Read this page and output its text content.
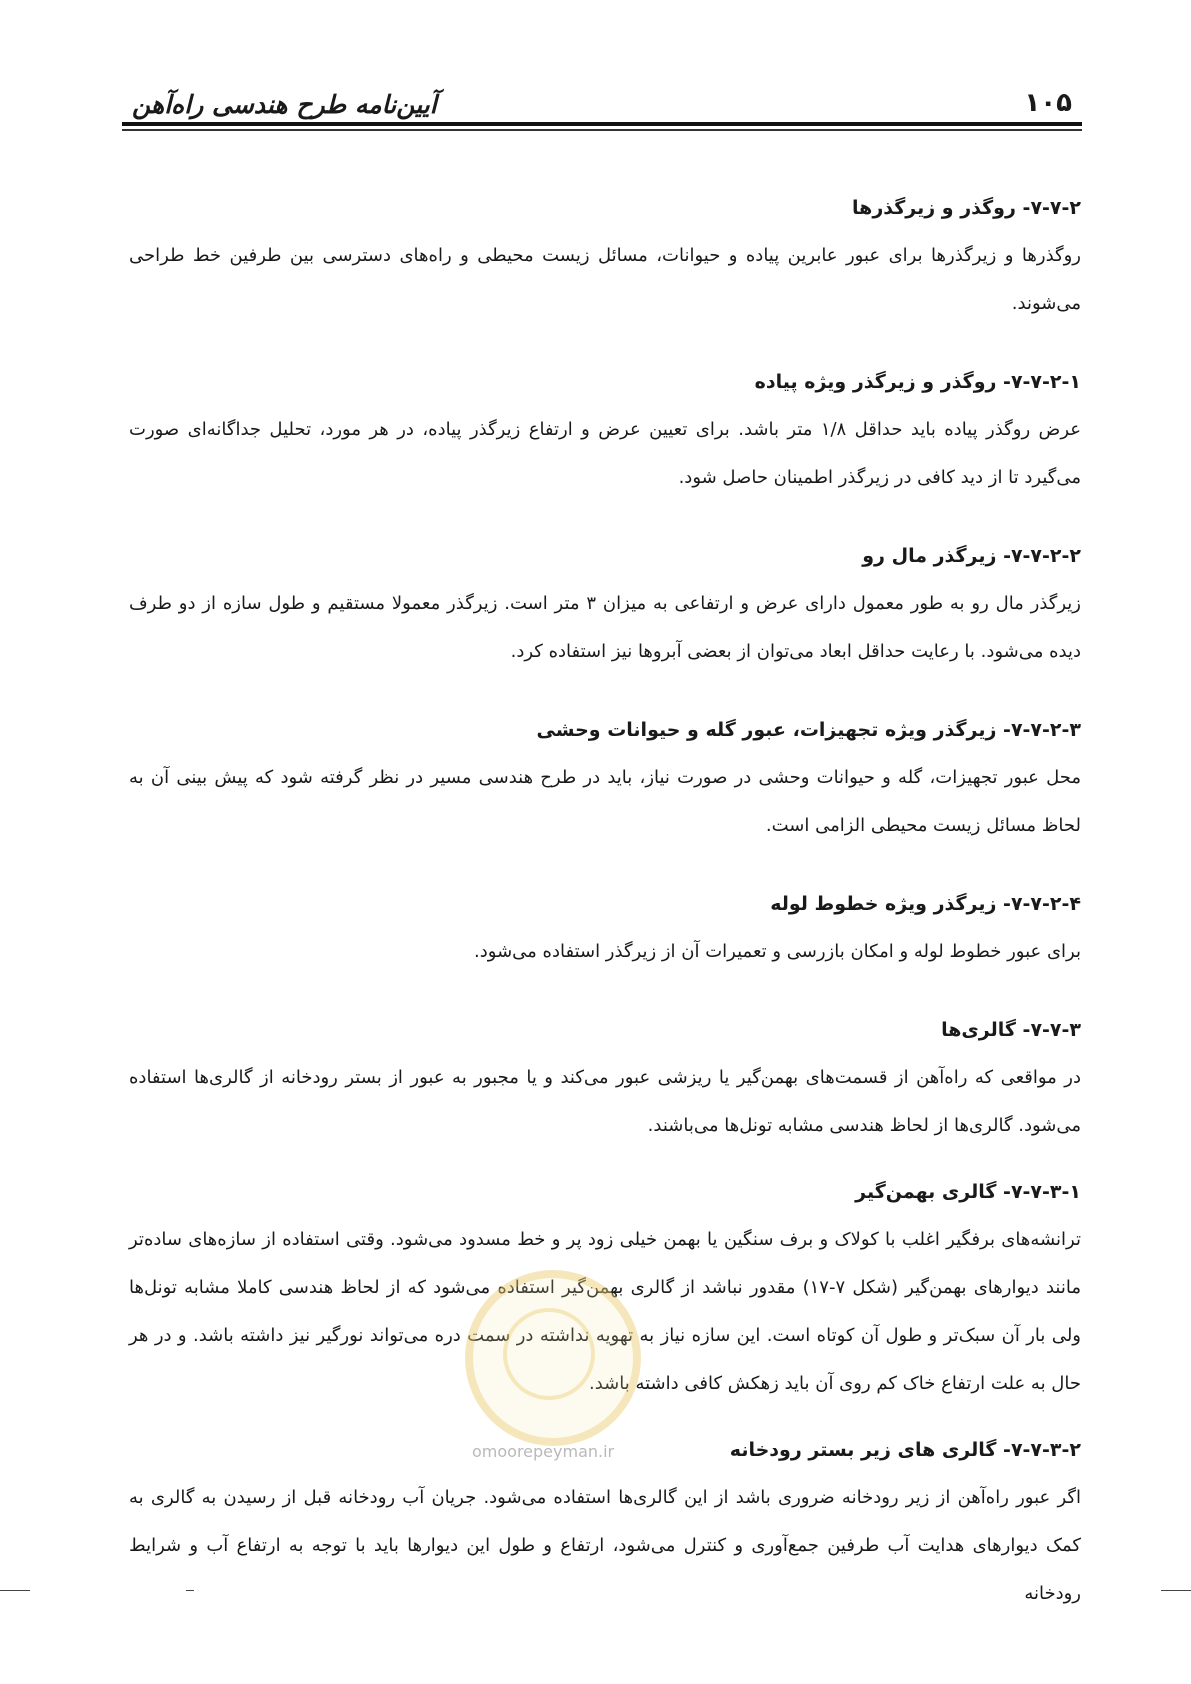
۱۰۵
آیین‌نامه طرح هندسی راه‌آهن
۷-۷-۲- روگذر و زیرگذرها

روگذرها و زیرگذرها برای عبور عابرین پیاده و حیوانات، مسائل زیست محیطی و راه‌های دسترسی بین طرفین خط طراحی می‌شوند.

۷-۷-۲-۱- روگذر و زیرگذر ویژه پیاده

عرض روگذر پیاده باید حداقل ۱/۸ متر باشد. برای تعیین عرض و ارتفاع زیرگذر پیاده، در هر مورد، تحلیل جداگانه‌ای صورت می‌گیرد تا از دید کافی در زیرگذر اطمینان حاصل شود.

۷-۷-۲-۲- زیرگذر مال رو

زیرگذر مال رو به طور معمول دارای عرض و ارتفاعی به میزان ۳ متر است. زیرگذر معمولا مستقیم و طول سازه از دو طرف دیده می‌شود. با رعایت حداقل ابعاد می‌توان از بعضی آبروها نیز استفاده کرد.

۷-۷-۲-۳- زیرگذر ویژه تجهیزات، عبور گله و حیوانات وحشی

محل عبور تجهیزات، گله و حیوانات وحشی در صورت نیاز، باید در طرح هندسی مسیر در نظر گرفته شود که پیش بینی آن به لحاظ مسائل زیست محیطی الزامی است.

۷-۷-۲-۴- زیرگذر ویژه خطوط لوله

برای عبور خطوط لوله و امکان بازرسی و تعمیرات آن از زیرگذر استفاده می‌شود.

۷-۷-۳- گالری‌ها

در مواقعی که راه‌آهن از قسمت‌های بهمن‌گیر یا ریزشی عبور می‌کند و یا مجبور به عبور از بستر رودخانه از گالری‌ها استفاده می‌شود. گالری‌ها از لحاظ هندسی مشابه تونل‌ها می‌باشند.

۷-۷-۳-۱- گالری بهمن‌گیر

ترانشه‌های برفگیر اغلب با کولاک و برف سنگین یا بهمن خیلی زود پر و خط مسدود می‌شود. وقتی استفاده از سازه‌های ساده‌تر مانند دیوارهای بهمن‌گیر (شکل ۷-۱۷) مقدور نباشد از گالری بهمن‌گیر استفاده می‌شود که از لحاظ هندسی کاملا مشابه تونل‌ها ولی بار آن سبک‌تر و طول آن کوتاه است. این سازه نیاز به تهویه نداشته در سمت دره می‌تواند نورگیر نیز داشته باشد. و در هر حال به علت ارتفاع خاک کم روی آن باید زهکش کافی داشته باشد.

۷-۷-۳-۲- گالری های زیر بستر رودخانه

اگر عبور راه‌آهن از زیر رودخانه ضروری باشد از این گالری‌ها استفاده می‌شود. جریان آب رودخانه قبل از رسیدن به گالری به کمک دیوارهای هدایت آب طرفین جمع‌آوری و کنترل می‌شود، ارتفاع و طول این دیوارها باید با توجه به ارتفاع آب و شرایط رودخانه

omoorepeyman.ir
